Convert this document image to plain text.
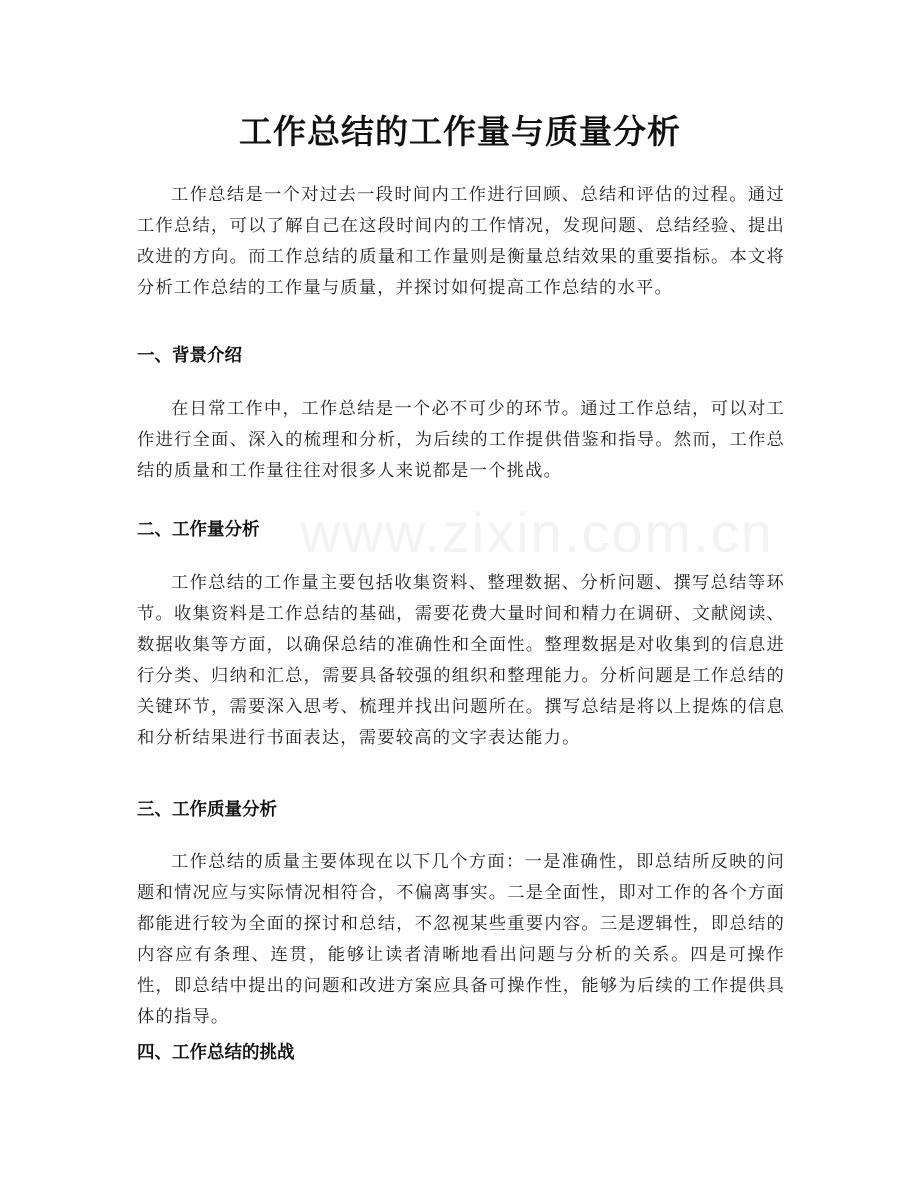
工作总结的工作量与质量分析

工作总结是一个对过去一段时间内工作进行回顾、总结和评估的过程。通过工作总结，可以了解自己在这段时间内的工作情况，发现问题、总结经验、提出改进的方向。而工作总结的质量和工作量则是衡量总结效果的重要指标。本文将分析工作总结的工作量与质量，并探讨如何提高工作总结的水平。

一、背景介绍

在日常工作中，工作总结是一个必不可少的环节。通过工作总结，可以对工作进行全面、深入的梳理和分析，为后续的工作提供借鉴和指导。然而，工作总结的质量和工作量往往对很多人来说都是一个挑战。

二、工作量分析

工作总结的工作量主要包括收集资料、整理数据、分析问题、撰写总结等环节。收集资料是工作总结的基础，需要花费大量时间和精力在调研、文献阅读、数据收集等方面，以确保总结的准确性和全面性。整理数据是对收集到的信息进行分类、归纳和汇总，需要具备较强的组织和整理能力。分析问题是工作总结的关键环节，需要深入思考、梳理并找出问题所在。撰写总结是将以上提炼的信息和分析结果进行书面表达，需要较高的文字表达能力。

三、工作质量分析

工作总结的质量主要体现在以下几个方面：一是准确性，即总结所反映的问题和情况应与实际情况相符合，不偏离事实。二是全面性，即对工作的各个方面都能进行较为全面的探讨和总结，不忽视某些重要内容。三是逻辑性，即总结的内容应有条理、连贯，能够让读者清晰地看出问题与分析的关系。四是可操作性，即总结中提出的问题和改进方案应具备可操作性，能够为后续的工作提供具体的指导。

四、工作总结的挑战
www.zixin.com.cn
